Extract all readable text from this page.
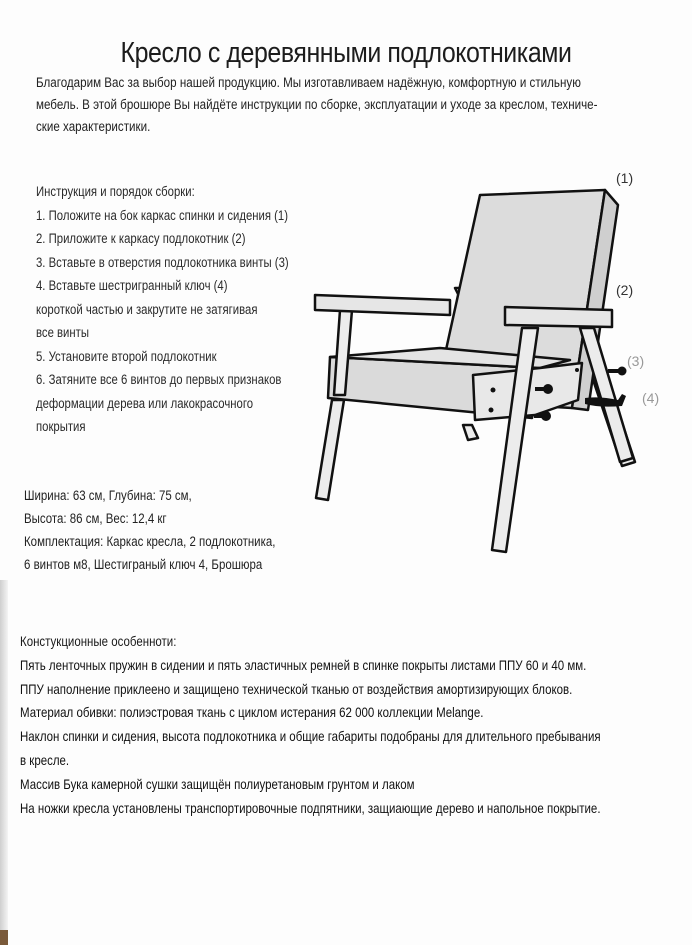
Кресло с деревянными подлокотниками
Благодарим Вас за выбор нашей продукцию. Мы изготавливаем надёжную, комфортную и стильную
мебель. В этой брошюре Вы найдёте инструкции по сборке, эксплуатации и уходе за креслом, техниче-
ские характеристики.
Инструкция и порядок сборки:
1. Положите на бок каркас спинки и сидения (1)
2. Приложите к каркасу подлокотник (2)
3. Вставьте в отверстия подлокотника винты (3)
4. Вставьте шестригранный ключ (4)
короткой частью и закрутите не затягивая
все винты
5. Установите второй подлокотник
6. Затяните все 6 винтов до первых признаков
деформации дерева или лакокрасочного
покрытия
Ширина: 63 см, Глубина: 75 см,
Высота: 86 см, Вес: 12,4 кг
Комплектация: Каркас кресла, 2 подлокотника,
6 винтов м8, Шестиграный ключ 4, Брошюра
(1)
(2)
(3)
(4)
Констукционные особенноти:
Пять ленточных пружин в сидении и пять эластичных ремней в спинке покрыты листами ППУ 60 и 40 мм.
ППУ наполнение приклеено и защищено технической тканью от воздействия амортизирующих блоков.
Материал обивки: полиэстровая ткань с циклом истерания 62 000 коллекции Melange.
Наклон спинки и сидения, высота подлокотника и общие габариты подобраны для длительного пребывания
в кресле.
Массив Бука камерной сушки защищён полиуретановым грунтом и лаком
На ножки кресла установлены транспортировочные подпятники, защиающие дерево и напольное покрытие.
